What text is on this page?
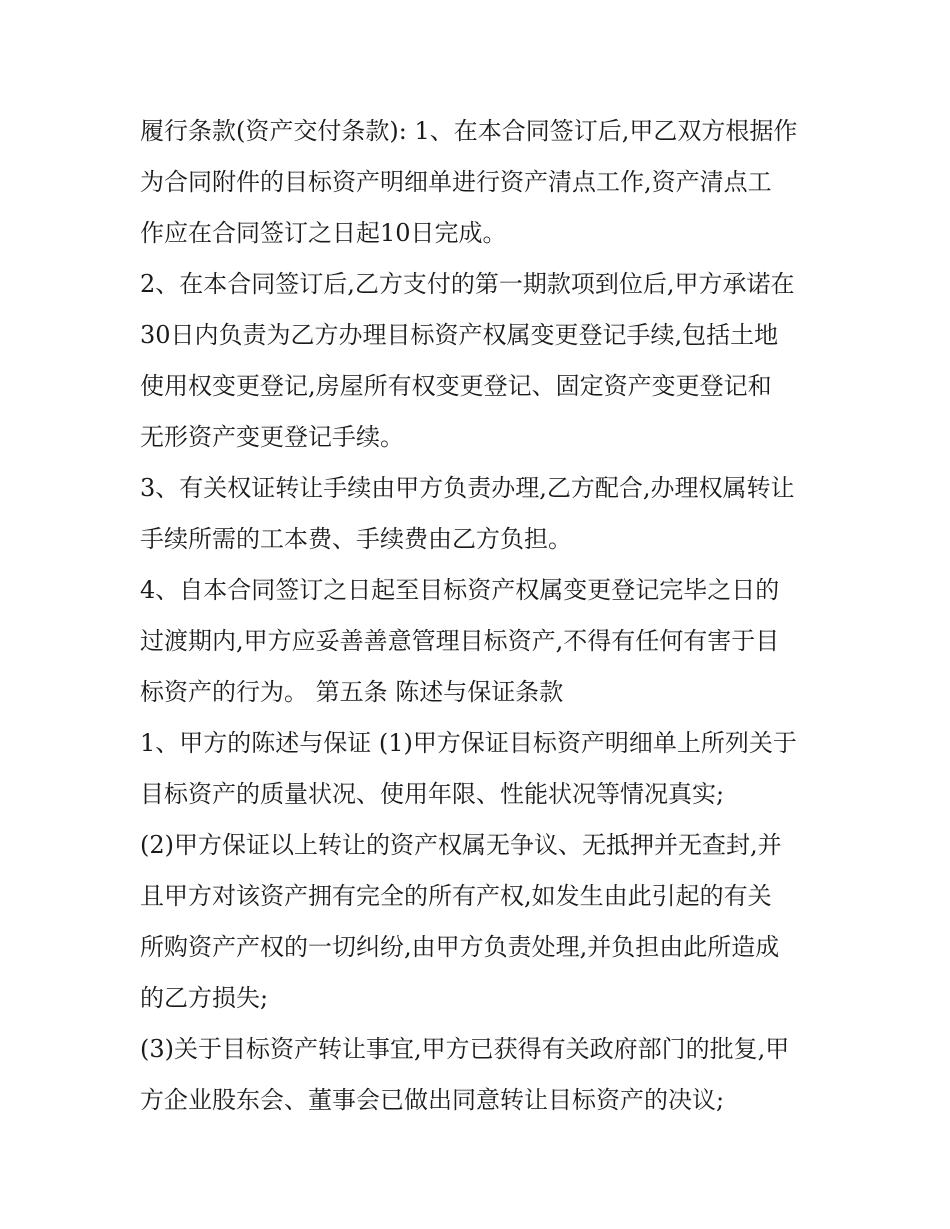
履行条款(资产交付条款): 1、在本合同签订后,甲乙双方根据作
为合同附件的目标资产明细单进行资产清点工作,资产清点工
作应在合同签订之日起10日完成。
2、在本合同签订后,乙方支付的第一期款项到位后,甲方承诺在
30日内负责为乙方办理目标资产权属变更登记手续,包括土地
使用权变更登记,房屋所有权变更登记、固定资产变更登记和
无形资产变更登记手续。
3、有关权证转让手续由甲方负责办理,乙方配合,办理权属转让
手续所需的工本费、手续费由乙方负担。
4、自本合同签订之日起至目标资产权属变更登记完毕之日的
过渡期内,甲方应妥善善意管理目标资产,不得有任何有害于目
标资产的行为。 第五条 陈述与保证条款
1、甲方的陈述与保证 (1)甲方保证目标资产明细单上所列关于
目标资产的质量状况、使用年限、性能状况等情况真实;
(2)甲方保证以上转让的资产权属无争议、无抵押并无查封,并
且甲方对该资产拥有完全的所有产权,如发生由此引起的有关
所购资产产权的一切纠纷,由甲方负责处理,并负担由此所造成
的乙方损失;
(3)关于目标资产转让事宜,甲方已获得有关政府部门的批复,甲
方企业股东会、董事会已做出同意转让目标资产的决议;
